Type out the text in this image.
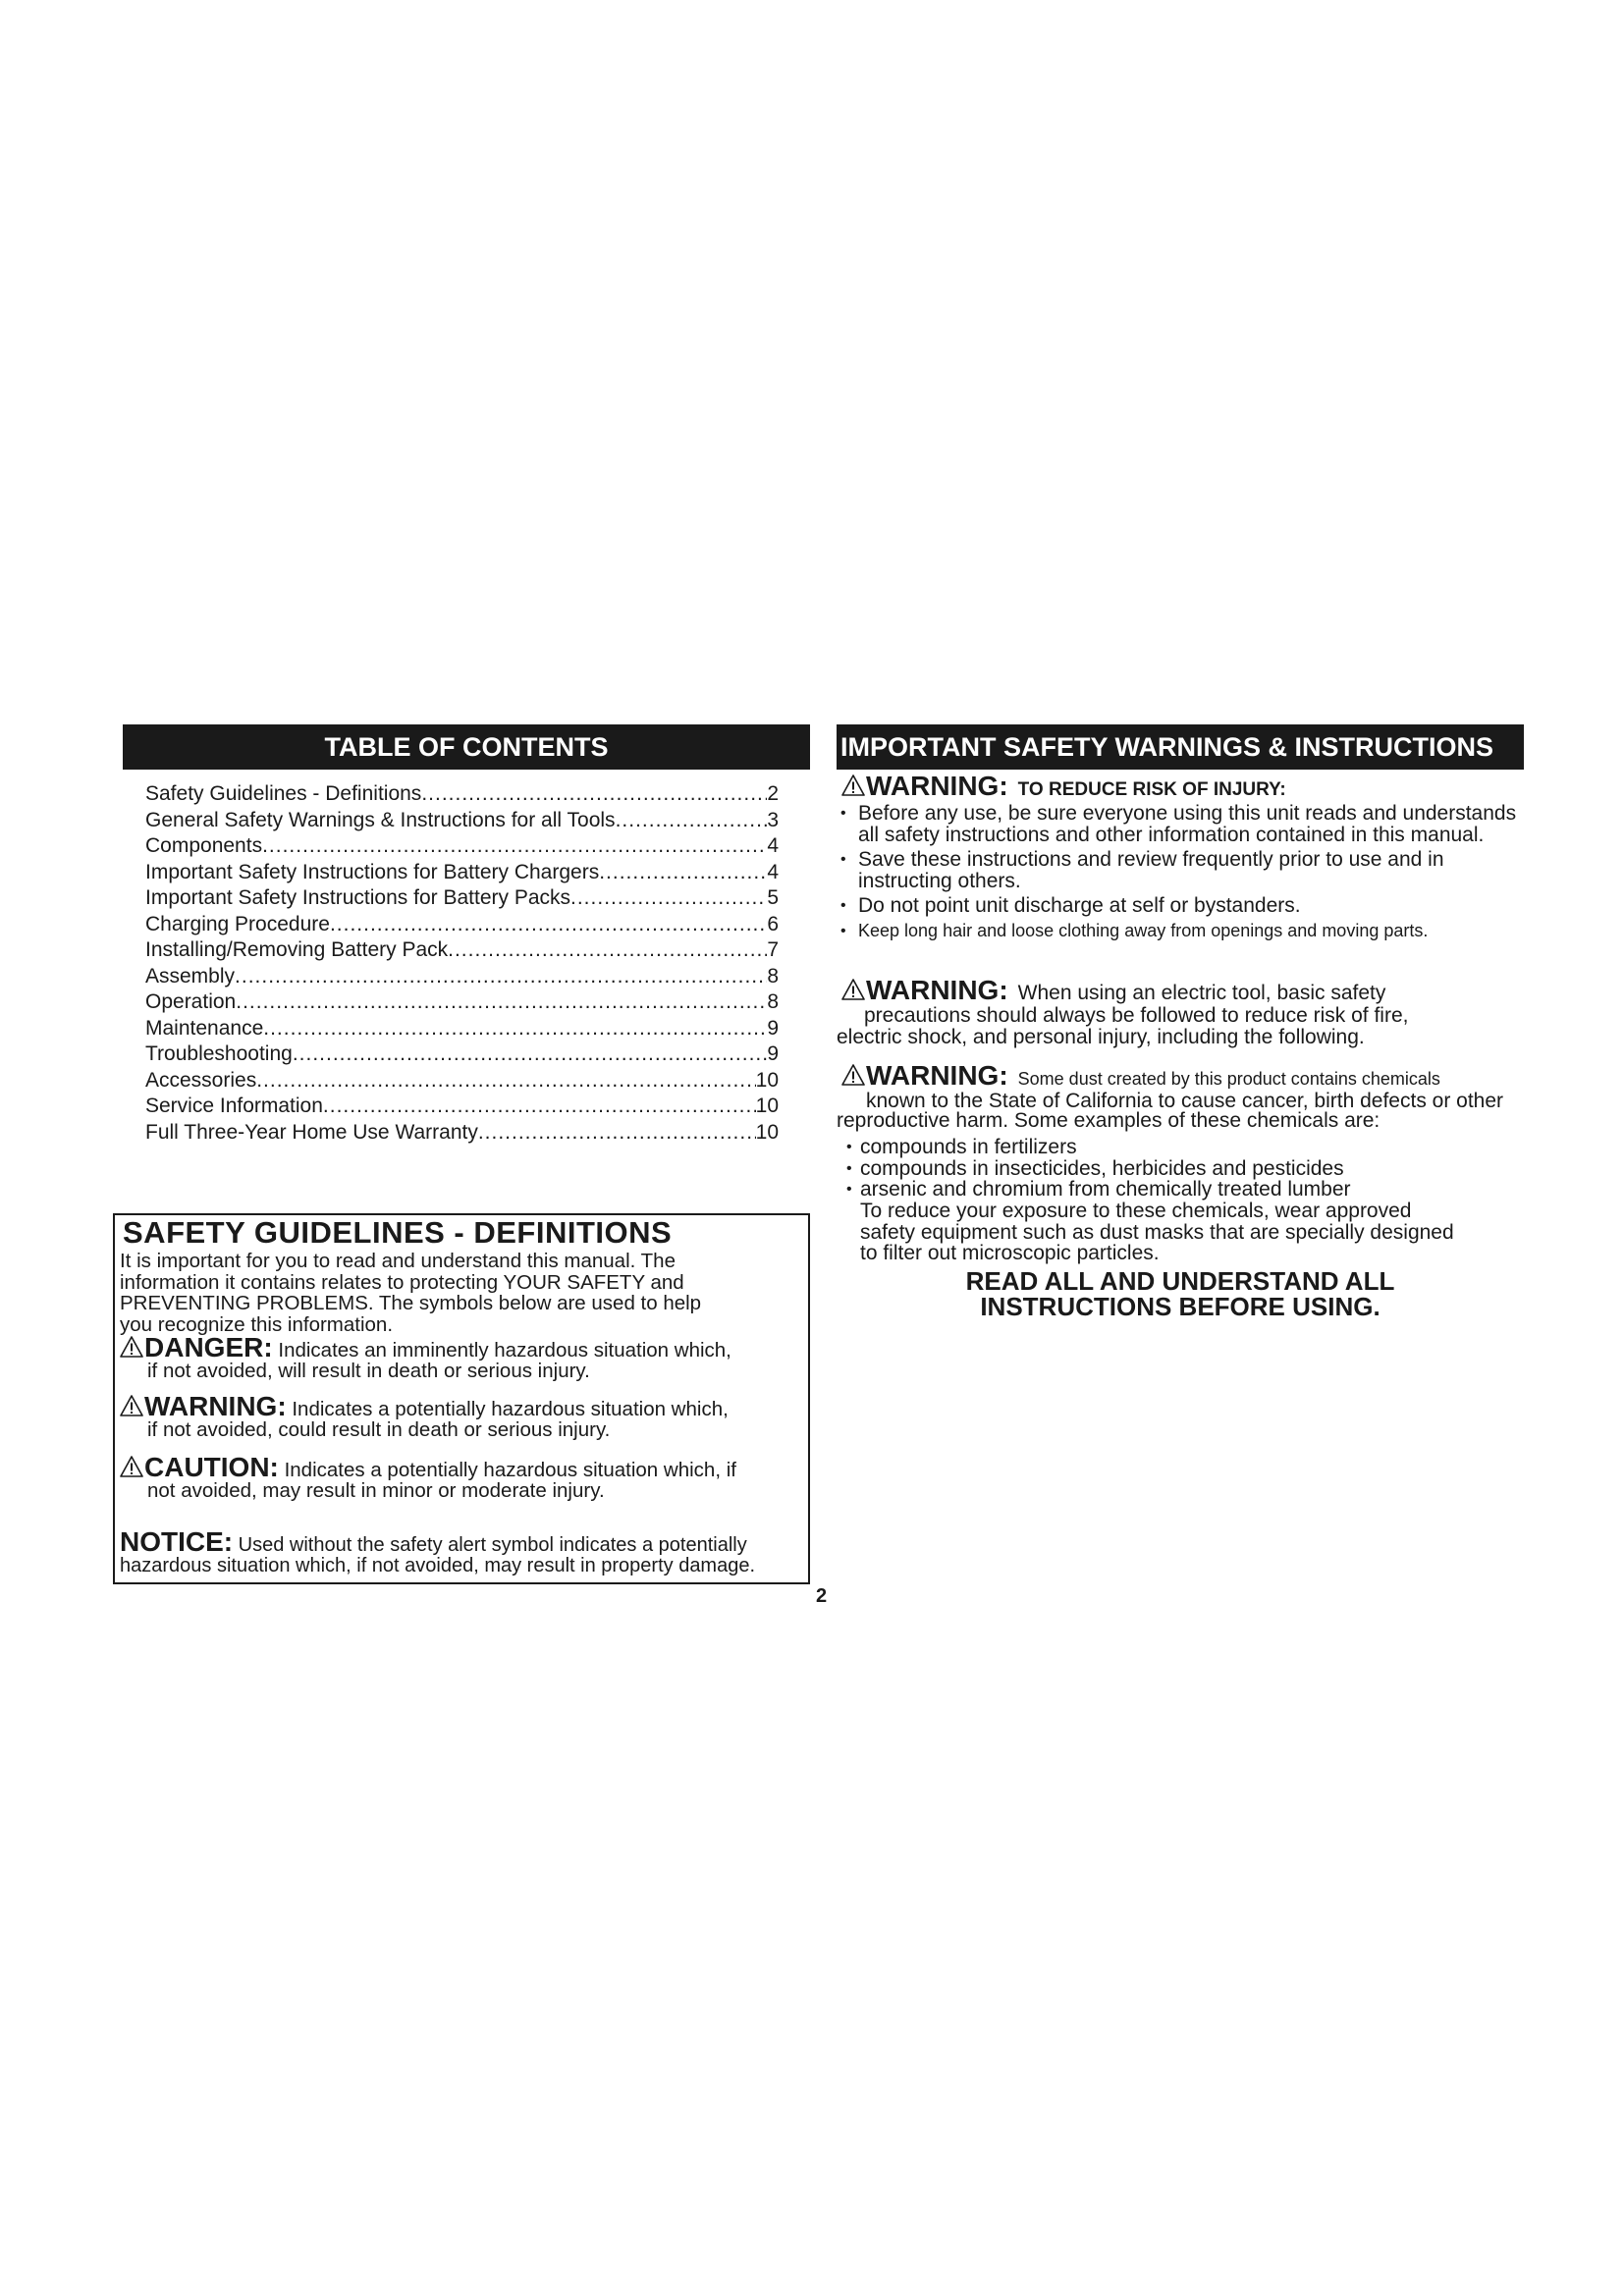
TABLE OF CONTENTS
Safety Guidelines - Definitions .....	2
General Safety Warnings & Instructions for all Tools .....	3
Components .....	4
Important Safety Instructions for Battery Chargers .....	4
Important Safety Instructions for Battery Packs .....	5
Charging Procedure .....	6
Installing/Removing Battery Pack .....	7
Assembly .....	8
Operation .....	8
Maintenance .....	9
Troubleshooting .....	9
Accessories .....	10
Service Information .....	10
Full Three-Year Home Use Warranty .....	10
SAFETY GUIDELINES - DEFINITIONS
It is important for you to read and understand this manual. The
information it contains relates to protecting YOUR SAFETY and
PREVENTING PROBLEMS. The symbols below are used to help
you recognize this information.
DANGER: Indicates an imminently hazardous situation which,
if not avoided, will result in death or serious injury.
WARNING: Indicates a potentially hazardous situation which,
if not avoided, could result in death or serious injury.
CAUTION: Indicates a potentially hazardous situation which, if
not avoided, may result in minor or moderate injury.
NOTICE: Used without the safety alert symbol indicates a potentially
hazardous situation which, if not avoided, may result in property damage.
2
IMPORTANT SAFETY WARNINGS & INSTRUCTIONS
WARNING: TO REDUCE RISK OF INJURY:
• Before any use, be sure everyone using this unit reads and understands all safety instructions and other information contained in this manual.
• Save these instructions and review frequently prior to use and in instructing others.
• Do not point unit discharge at self or bystanders.
• Keep long hair and loose clothing away from openings and moving parts.
WARNING: When using an electric tool, basic safety
precautions should always be followed to reduce risk of fire,
electric shock, and personal injury, including the following.
WARNING: Some dust created by this product contains chemicals
known to the State of California to cause cancer, birth defects or other
reproductive harm. Some examples of these chemicals are:
• compounds in fertilizers
• compounds in insecticides, herbicides and pesticides
• arsenic and chromium from chemically treated lumber
To reduce your exposure to these chemicals, wear approved
safety equipment such as dust masks that are specially designed
to filter out microscopic particles.
READ ALL AND UNDERSTAND ALL
INSTRUCTIONS BEFORE USING.
